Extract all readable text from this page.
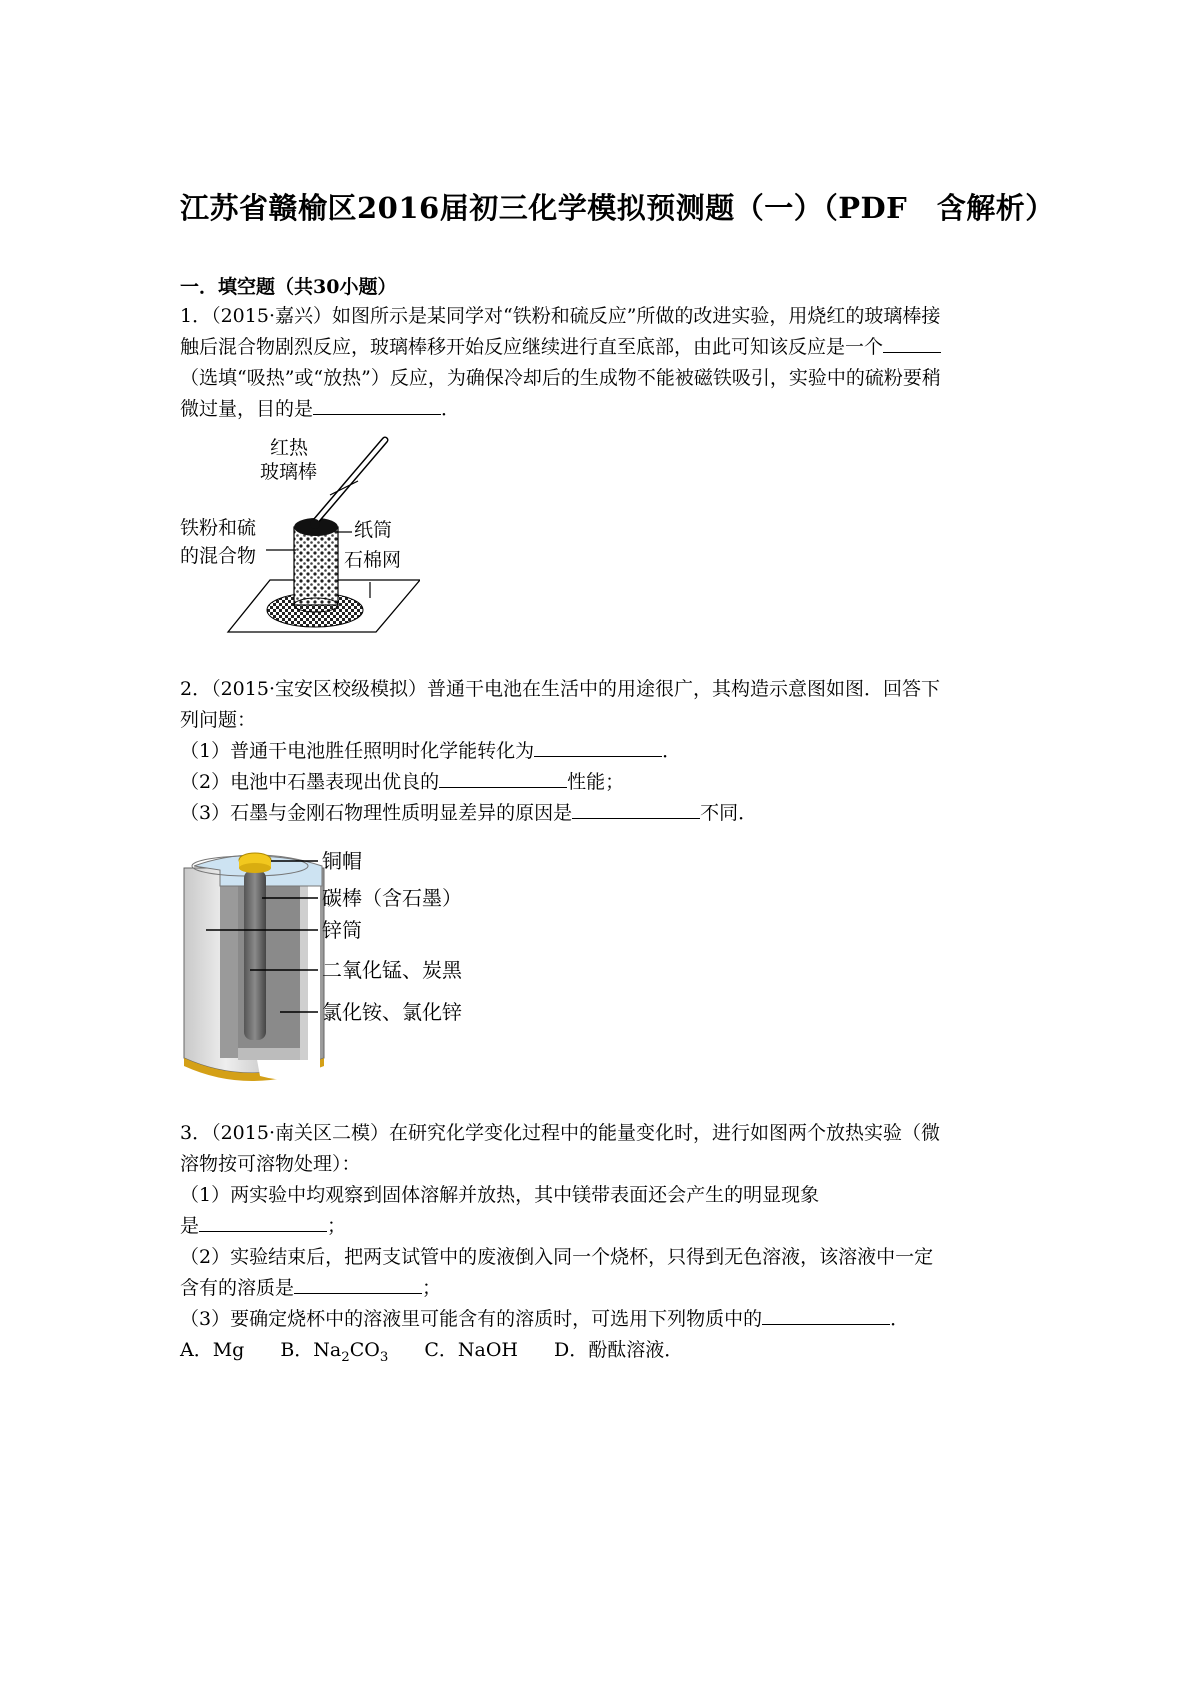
江苏省赣榆区2016届初三化学模拟预测题（一）（PDF　含解析）
一．填空题（共30小题）

1．（2015·嘉兴）如图所示是某同学对“铁粉和硫反应”所做的改进实验，用烧红的玻璃棒接

触后混合物剧烈反应，玻璃棒移开始反应继续进行直至底部，由此可知该反应是一个

（选填“吸热”或“放热”）反应，为确保冷却后的生成物不能被磁铁吸引，实验中的硫粉要稍

微过量，目的是	．

红热
玻璃棒
铁粉和硫
的混合物
纸筒
石棉网

2．（2015·宝安区校级模拟）普通干电池在生活中的用途很广，其构造示意图如图．回答下

列问题：

（1）普通干电池胜任照明时化学能转化为	．

（2）电池中石墨表现出优良的	性能；

（3）石墨与金刚石物理性质明显差异的原因是	不同．

铜帽
碳棒（含石墨）
锌筒
二氧化锰、炭黑
氯化铵、氯化锌

3．（2015·南关区二模）在研究化学变化过程中的能量变化时，进行如图两个放热实验（微

溶物按可溶物处理）：

（1）两实验中均观察到固体溶解并放热，其中镁带表面还会产生的明显现象

是	；

（2）实验结束后，把两支试管中的废液倒入同一个烧杯，只得到无色溶液，该溶液中一定

含有的溶质是	；

（3）要确定烧杯中的溶液里可能含有的溶质时，可选用下列物质中的	．

A．Mg B．$Na_2CO_3$ C．NaOH D．酚酞溶液．
